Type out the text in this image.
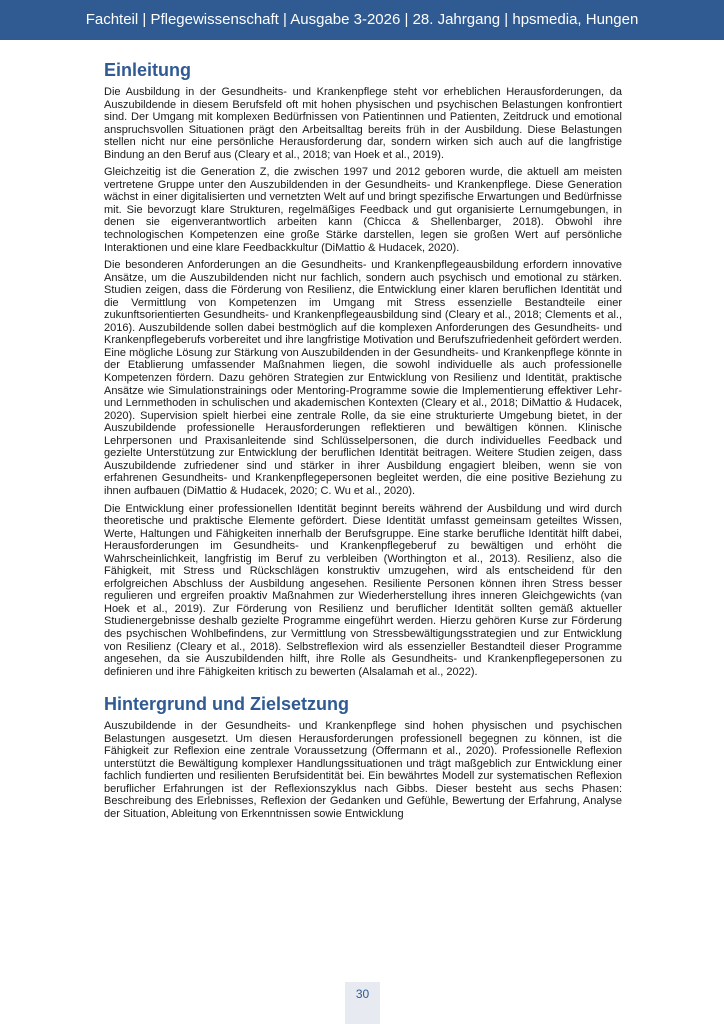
Fachteil | Pflegewissenschaft | Ausgabe 3-2026 | 28. Jahrgang | hpsmedia, Hungen
Einleitung

Die Ausbildung in der Gesundheits- und Krankenpflege steht vor erheblichen Herausforderungen, da Auszubildende in diesem Berufsfeld oft mit hohen physischen und psychischen Belastungen konfrontiert sind. Der Umgang mit komplexen Bedürfnissen von Patientinnen und Patienten, Zeitdruck und emotional anspruchsvollen Situationen prägt den Arbeitsalltag bereits früh in der Ausbildung. Diese Belastungen stellen nicht nur eine persönliche Herausforderung dar, sondern wirken sich auch auf die langfristige Bindung an den Beruf aus (Cleary et al., 2018; van Hoek et al., 2019).

Gleichzeitig ist die Generation Z, die zwischen 1997 und 2012 geboren wurde, die aktuell am meisten vertretene Gruppe unter den Auszubildenden in der Gesundheits- und Krankenpflege. Diese Generation wächst in einer digitalisierten und vernetzten Welt auf und bringt spezifische Erwartungen und Bedürfnisse mit. Sie bevorzugt klare Strukturen, regelmäßiges Feedback und gut organisierte Lernumgebungen, in denen sie eigenverantwortlich arbeiten kann (Chicca & Shellenbarger, 2018). Obwohl ihre technologischen Kompetenzen eine große Stärke darstellen, legen sie großen Wert auf persönliche Interaktionen und eine klare Feedbackkultur (DiMattio & Hudacek, 2020).

Die besonderen Anforderungen an die Gesundheits- und Krankenpflegeausbildung erfordern innovative Ansätze, um die Auszubildenden nicht nur fachlich, sondern auch psychisch und emotional zu stärken. Studien zeigen, dass die Förderung von Resilienz, die Entwicklung einer klaren beruflichen Identität und die Vermittlung von Kompetenzen im Umgang mit Stress essenzielle Bestandteile einer zukunftsorientierten Gesundheits- und Krankenpflegeausbildung sind (Cleary et al., 2018; Clements et al., 2016). Auszubildende sollen dabei bestmöglich auf die komplexen Anforderungen des Gesundheits- und Krankenpflegeberufs vorbereitet und ihre langfristige Motivation und Berufszufriedenheit gefördert werden. Eine mögliche Lösung zur Stärkung von Auszubildenden in der Gesundheits- und Krankenpflege könnte in der Etablierung umfassender Maßnahmen liegen, die sowohl individuelle als auch professionelle Kompetenzen fördern. Dazu gehören Strategien zur Entwicklung von Resilienz und Identität, praktische Ansätze wie Simulationstrainings oder Mentoring-Programme sowie die Implementierung effektiver Lehr- und Lernmethoden in schulischen und akademischen Kontexten (Cleary et al., 2018; DiMattio & Hudacek, 2020). Supervision spielt hierbei eine zentrale Rolle, da sie eine strukturierte Umgebung bietet, in der Auszubildende professionelle Herausforderungen reflektieren und bewältigen können. Klinische Lehrpersonen und Praxisanleitende sind Schlüsselpersonen, die durch individuelles Feedback und gezielte Unterstützung zur Entwicklung der beruflichen Identität beitragen. Weitere Studien zeigen, dass Auszubildende zufriedener sind und stärker in ihrer Ausbildung engagiert bleiben, wenn sie von erfahrenen Gesundheits- und Krankenpflegepersonen begleitet werden, die eine positive Beziehung zu ihnen aufbauen (DiMattio & Hudacek, 2020; C. Wu et al., 2020).

Die Entwicklung einer professionellen Identität beginnt bereits während der Ausbildung und wird durch theoretische und praktische Elemente gefördert. Diese Identität umfasst gemeinsam geteiltes Wissen, Werte, Haltungen und Fähigkeiten innerhalb der Berufsgruppe. Eine starke berufliche Identität hilft dabei, Herausforderungen im Gesundheits- und Krankenpflegeberuf zu bewältigen und erhöht die Wahrscheinlichkeit, langfristig im Beruf zu verbleiben (Worthington et al., 2013). Resilienz, also die Fähigkeit, mit Stress und Rückschlägen konstruktiv umzugehen, wird als entscheidend für den erfolgreichen Abschluss der Ausbildung angesehen. Resiliente Personen können ihren Stress besser regulieren und ergreifen proaktiv Maßnahmen zur Wiederherstellung ihres inneren Gleichgewichts (van Hoek et al., 2019). Zur Förderung von Resilienz und beruflicher Identität sollten gemäß aktueller Studienergebnisse deshalb gezielte Programme eingeführt werden. Hierzu gehören Kurse zur Förderung des psychischen Wohlbefindens, zur Vermittlung von Stressbewältigungsstrategien und zur Entwicklung von Resilienz (Cleary et al., 2018). Selbstreflexion wird als essenzieller Bestandteil dieser Programme angesehen, da sie Auszubildenden hilft, ihre Rolle als Gesundheits- und Krankenpflegepersonen zu definieren und ihre Fähigkeiten kritisch zu bewerten (Alsalamah et al., 2022).

Hintergrund und Zielsetzung

Auszubildende in der Gesundheits- und Krankenpflege sind hohen physischen und psychischen Belastungen ausgesetzt. Um diesen Herausforderungen professionell begegnen zu können, ist die Fähigkeit zur Reflexion eine zentrale Voraussetzung (Offermann et al., 2020). Professionelle Reflexion unterstützt die Bewältigung komplexer Handlungssituationen und trägt maßgeblich zur Entwicklung einer fachlich fundierten und resilienten Berufsidentität bei. Ein bewährtes Modell zur systematischen Reflexion beruflicher Erfahrungen ist der Reflexionszyklus nach Gibbs. Dieser besteht aus sechs Phasen: Beschreibung des Erlebnisses, Reflexion der Gedanken und Gefühle, Bewertung der Erfahrung, Analyse der Situation, Ableitung von Erkenntnissen sowie Entwicklung

30
